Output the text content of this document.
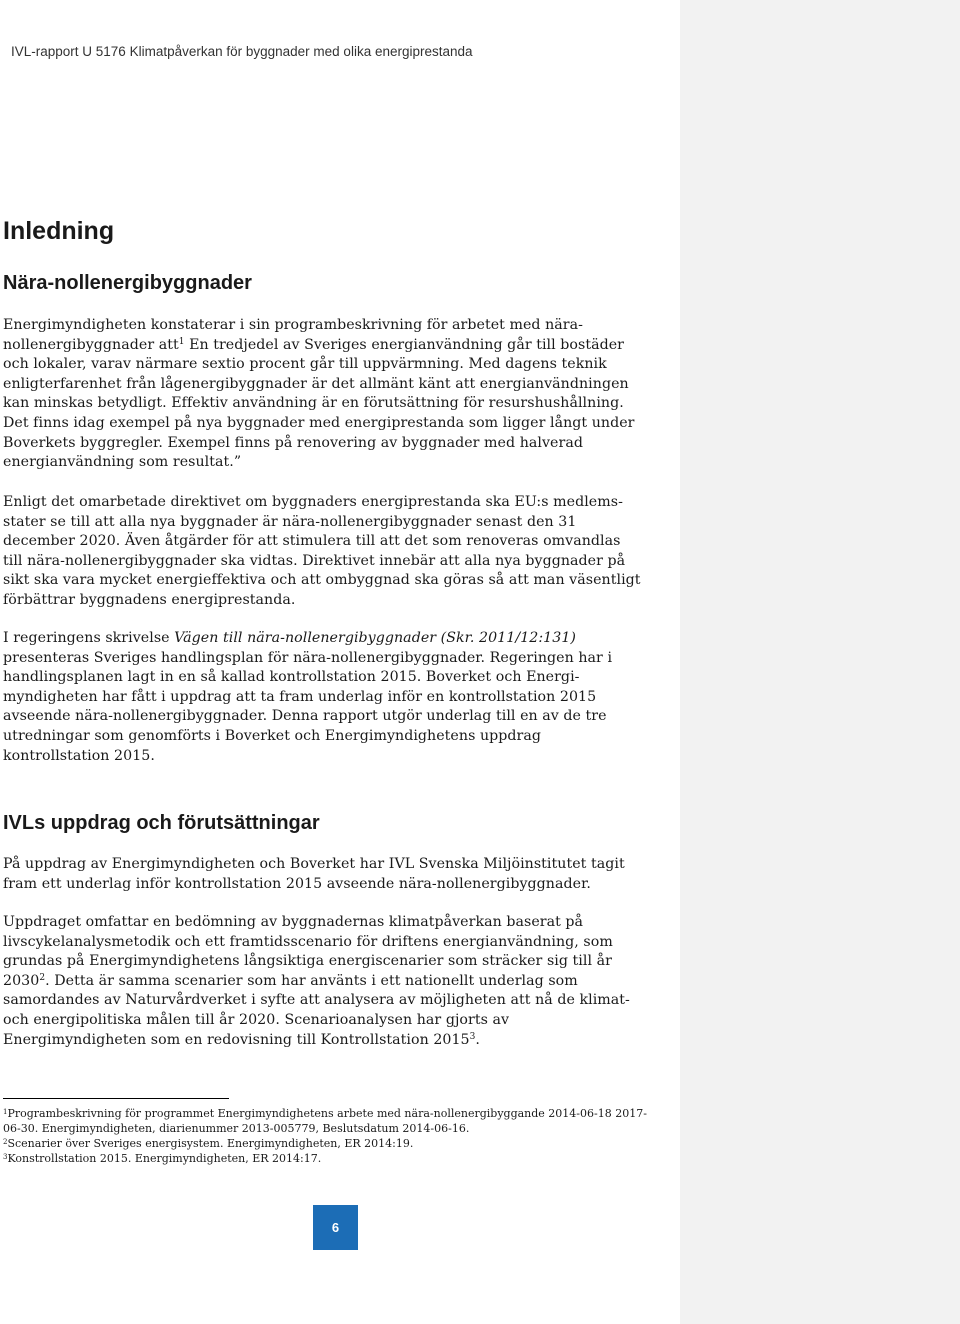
IVL-rapport U 5176 Klimatpåverkan för byggnader med olika energiprestanda
Inledning
Nära-nollenergibyggnader
Energimyndigheten konstaterar i sin programbeskrivning för arbetet med nära-
nollenergibyggnader att$^1$ En tredjedel av Sveriges energianvändning går till bostäder
och lokaler, varav närmare sextio procent går till uppvärmning. Med dagens teknik
enligterfarenhet från lågenergibyggnader är det allmänt känt att energianvändningen
kan minskas betydligt. Effektiv användning är en förutsättning för resurshushållning.
Det finns idag exempel på nya byggnader med energiprestanda som ligger långt under
Boverkets byggregler. Exempel finns på renovering av byggnader med halverad
energianvändning som resultat.”
Enligt det omarbetade direktivet om byggnaders energiprestanda ska EU:s medlems-
stater se till att alla nya byggnader är nära-nollenergibyggnader senast den 31
december 2020. Även åtgärder för att stimulera till att det som renoveras omvandlas
till nära-nollenergibyggnader ska vidtas. Direktivet innebär att alla nya byggnader på
sikt ska vara mycket energieffektiva och att ombyggnad ska göras så att man väsentligt
förbättrar byggnadens energiprestanda.
I regeringens skrivelse Vägen till nära-nollenergibyggnader (Skr. 2011/12:131)
presenteras Sveriges handlingsplan för nära-nollenergibyggnader. Regeringen har i
handlingsplanen lagt in en så kallad kontrollstation 2015. Boverket och Energi-
myndigheten har fått i uppdrag att ta fram underlag inför en kontrollstation 2015
avseende nära-nollenergibyggnader. Denna rapport utgör underlag till en av de tre
utredningar som genomförts i Boverket och Energimyndighetens uppdrag
kontrollstation 2015.
IVLs uppdrag och förutsättningar
På uppdrag av Energimyndigheten och Boverket har IVL Svenska Miljöinstitutet tagit
fram ett underlag inför kontrollstation 2015 avseende nära-nollenergibyggnader.
Uppdraget omfattar en bedömning av byggnadernas klimatpåverkan baserat på
livscykelanalysmetodik och ett framtidsscenario för driftens energianvändning, som
grundas på Energimyndighetens långsiktiga energiscenarier som sträcker sig till år
2030$^2$. Detta är samma scenarier som har använts i ett nationellt underlag som
samordandes av Naturvårdverket i syfte att analysera av möjligheten att nå de klimat-
och energipolitiska målen till år 2020. Scenarioanalysen har gjorts av
Energimyndigheten som en redovisning till Kontrollstation 2015$^3$.
$^1$Programbeskrivning för programmet Energimyndighetens arbete med nära-nollenergibyggande 2014-06-18 2017-
06-30. Energimyndigheten, diarienummer 2013-005779, Beslutsdatum 2014-06-16.
$^2$Scenarier över Sveriges energisystem. Energimyndigheten, ER 2014:19.
$^3$Konstrollstation 2015. Energimyndigheten, ER 2014:17.
6
